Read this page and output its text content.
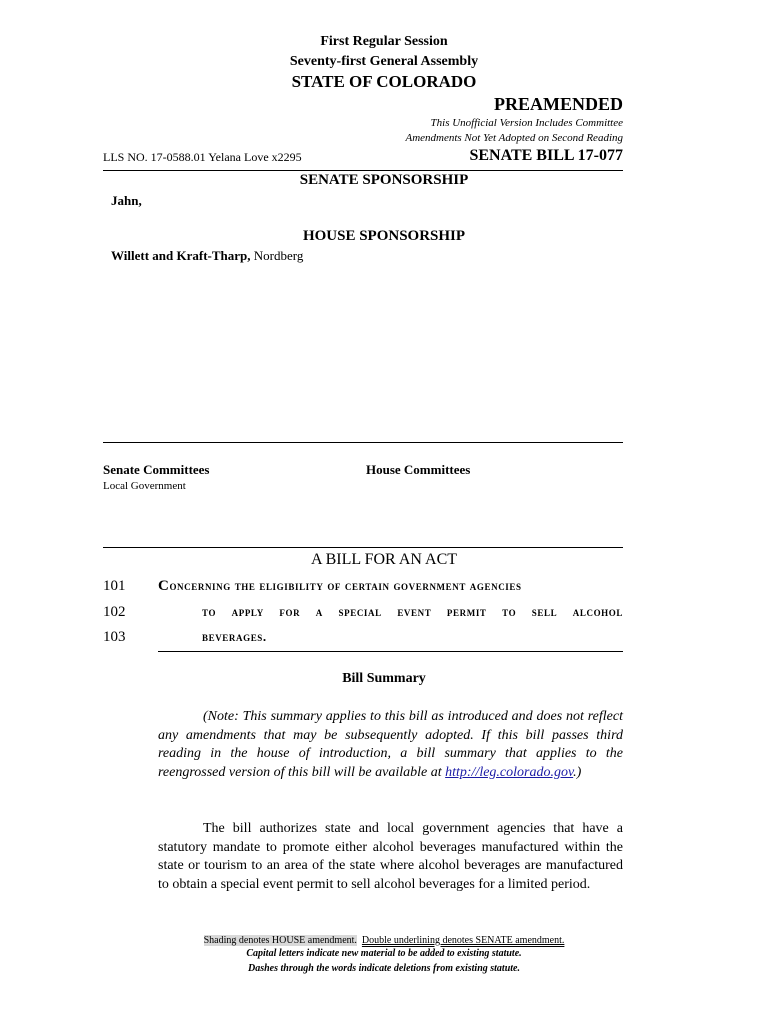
First Regular Session
Seventy-first General Assembly
STATE OF COLORADO
PREAMENDED
This Unofficial Version Includes Committee
Amendments Not Yet Adopted on Second Reading
LLS NO. 17-0588.01 Yelana Love x2295	SENATE BILL 17-077
SENATE SPONSORSHIP
Jahn,
HOUSE SPONSORSHIP
Willett and Kraft-Tharp, Nordberg
Senate Committees
Local Government
House Committees
A BILL FOR AN ACT
101
102
103
Concerning the eligibility of certain government agencies
to apply for a special event permit to sell alcohol
beverages.
Bill Summary
(Note: This summary applies to this bill as introduced and does not reflect any amendments that may be subsequently adopted. If this bill passes third reading in the house of introduction, a bill summary that applies to the reengrossed version of this bill will be available at http://leg.colorado.gov.)
The bill authorizes state and local government agencies that have a statutory mandate to promote either alcohol beverages manufactured within the state or tourism to an area of the state where alcohol beverages are manufactured to obtain a special event permit to sell alcohol beverages for a limited period.
Shading denotes HOUSE amendment. Double underlining denotes SENATE amendment.
Capital letters indicate new material to be added to existing statute.
Dashes through the words indicate deletions from existing statute.
